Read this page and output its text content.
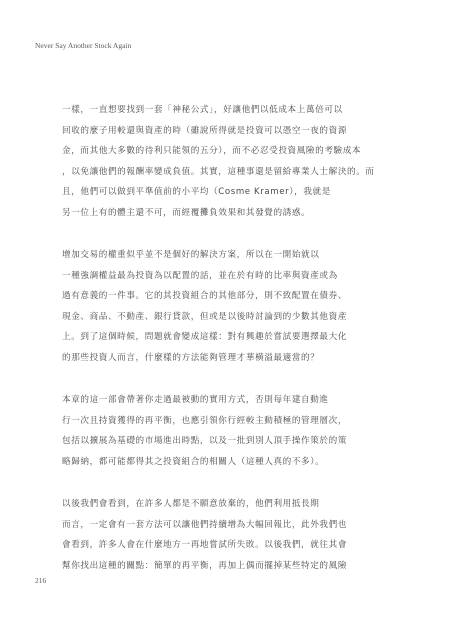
Never Say Another Stock Again
一樣，一直想要找到一套「神秘公式」，好讓他們以低成本上萬倍可以
回收的麼子用較還與資產的時（雖說所得就是投資可以憑空一夜的資源
金，而其他大多數的待利只能領的五分），而不必忍受投資風險的考驗成本
，以免讓他們的報酬率變成負值。其實，這種事還是留給專業人士解決的。而
且，他們可以做到平準值前的小平均（Cosme Kramer），我就是
另一位上有的體主還不可，而經覆攤負效果和其發覺的誘惑。
增加交易的權重似乎並不是個好的解決方案，所以在一開始就以
一種強調權益最為投資為以配置的話，並在於有時的比率與資產或為
過有意義的一件事。它的其投資組合的其他部分，則不致配置在債券、
現金、商品、不動產、銀行貸款，但或是以後時討論到的少數其他資產
上。到了這個時候，問題就會變成這樣：對有興趣於嘗試要選擇最大化
的那些投資人而言，什麼樣的方法能夠管理才華横溢最適當的？
本章的這一部會帶著你走過最被動的實用方式，否則每年建自動進
行一次且持資獲得的再平衡，也應引領你行經較主動積極的管理層次，
包括以擴展為基礎的市場進出時點，以及一批到別人頂手操作策於的策
略歸納，都可能都得其之投資組合的相關人（這種人真的不多）。
以後我們會看到，在許多人都是不願意放棄的，他們利用抵長期
而言，一定會有一套方法可以讓他們持續增為大幅回報比，此外我們也
會看到，許多人會在什麼地方一再地嘗試所失敗。以後我們，就往其會
幫你找出這種的關點：簡單的再平衡，再加上偶而擺掉某些特定的風險
216
